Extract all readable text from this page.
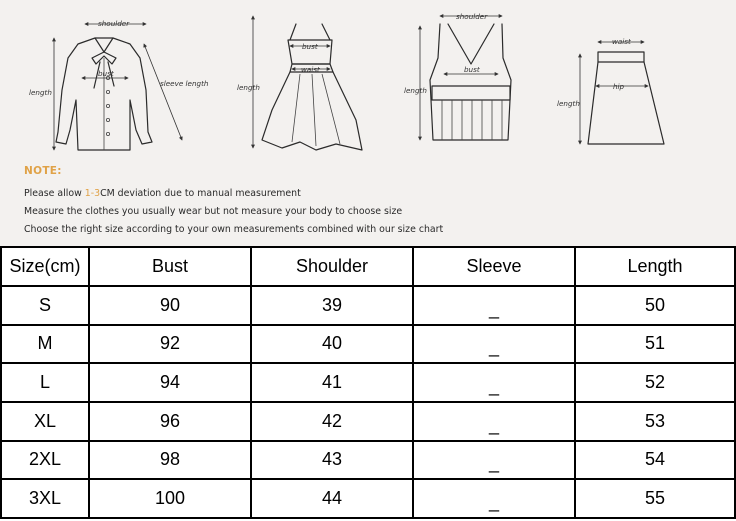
shoulder
bust
length
sleeve length
bust
waist
length
shoulder
bust
length
waist
hip
length
NOTE:
Please allow 1-3CM deviation due to manual measurement
Measure the clothes you usually wear but not measure your body to choose size
Choose the right size according to your own measurements combined with our size chart
Size(cm)	Bust	Shoulder	Sleeve	Length
S	90	39	_	50
M	92	40	_	51
L	94	41	_	52
XL	96	42	_	53
2XL	98	43	_	54
3XL	100	44	_	55
